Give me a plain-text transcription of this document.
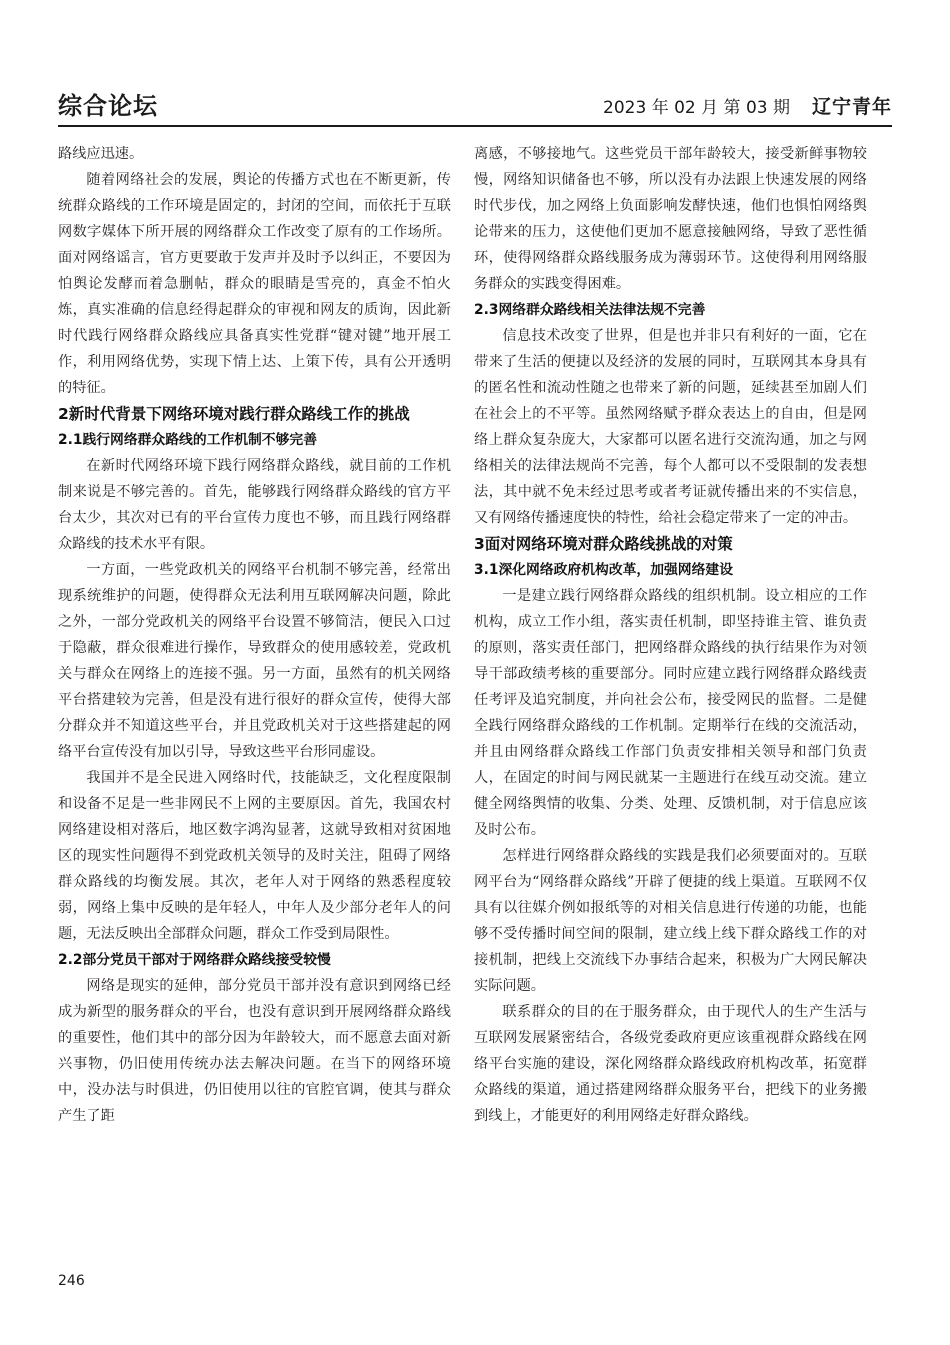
综合论坛	2023 年 02 月 第 03 期 辽宁青年

路线应迅速。

随着网络社会的发展，舆论的传播方式也在不断更新，传统群众路线的工作环境是固定的，封闭的空间，而依托于互联网数字媒体下所开展的网络群众工作改变了原有的工作场所。面对网络谣言，官方更要敢于发声并及时予以纠正，不要因为怕舆论发酵而着急删帖，群众的眼睛是雪亮的，真金不怕火炼，真实准确的信息经得起群众的审视和网友的质询，因此新时代践行网络群众路线应具备真实性党群“键对键”地开展工作，利用网络优势，实现下情上达、上策下传，具有公开透明的特征。

2新时代背景下网络环境对践行群众路线工作的挑战
2.1践行网络群众路线的工作机制不够完善

在新时代网络环境下践行网络群众路线，就目前的工作机制来说是不够完善的。首先，能够践行网络群众路线的官方平台太少，其次对已有的平台宣传力度也不够，而且践行网络群众路线的技术水平有限。

一方面，一些党政机关的网络平台机制不够完善，经常出现系统维护的问题，使得群众无法利用互联网解决问题，除此之外，一部分党政机关的网络平台设置不够简洁，便民入口过于隐蔽，群众很难进行操作，导致群众的使用感较差，党政机关与群众在网络上的连接不强。另一方面，虽然有的机关网络平台搭建较为完善，但是没有进行很好的群众宣传，使得大部分群众并不知道这些平台，并且党政机关对于这些搭建起的网络平台宣传没有加以引导，导致这些平台形同虚设。

我国并不是全民进入网络时代，技能缺乏，文化程度限制和设备不足是一些非网民不上网的主要原因。首先，我国农村网络建设相对落后，地区数字鸿沟显著，这就导致相对贫困地区的现实性问题得不到党政机关领导的及时关注，阻碍了网络群众路线的均衡发展。其次，老年人对于网络的熟悉程度较弱，网络上集中反映的是年轻人，中年人及少部分老年人的问题，无法反映出全部群众问题，群众工作受到局限性。

2.2部分党员干部对于网络群众路线接受较慢

网络是现实的延伸，部分党员干部并没有意识到网络已经成为新型的服务群众的平台，也没有意识到开展网络群众路线的重要性，他们其中的部分因为年龄较大，而不愿意去面对新兴事物，仍旧使用传统办法去解决问题。在当下的网络环境中，没办法与时俱进，仍旧使用以往的官腔官调，使其与群众产生了距

离感，不够接地气。这些党员干部年龄较大，接受新鲜事物较慢，网络知识储备也不够，所以没有办法跟上快速发展的网络时代步伐，加之网络上负面影响发酵快速，他们也惧怕网络舆论带来的压力，这使他们更加不愿意接触网络，导致了恶性循环，使得网络群众路线服务成为薄弱环节。这使得利用网络服务群众的实践变得困难。

2.3网络群众路线相关法律法规不完善

信息技术改变了世界，但是也并非只有利好的一面，它在带来了生活的便捷以及经济的发展的同时，互联网其本身具有的匿名性和流动性随之也带来了新的问题，延续甚至加剧人们在社会上的不平等。虽然网络赋予群众表达上的自由，但是网络上群众复杂庞大，大家都可以匿名进行交流沟通，加之与网络相关的法律法规尚不完善，每个人都可以不受限制的发表想法，其中就不免未经过思考或者考证就传播出来的不实信息，又有网络传播速度快的特性，给社会稳定带来了一定的冲击。

3面对网络环境对群众路线挑战的对策
3.1深化网络政府机构改革，加强网络建设

一是建立践行网络群众路线的组织机制。设立相应的工作机构，成立工作小组，落实责任机制，即坚持谁主管、谁负责的原则，落实责任部门，把网络群众路线的执行结果作为对领导干部政绩考核的重要部分。同时应建立践行网络群众路线责任考评及追究制度，并向社会公布，接受网民的监督。二是健全践行网络群众路线的工作机制。定期举行在线的交流活动，并且由网络群众路线工作部门负责安排相关领导和部门负责人，在固定的时间与网民就某一主题进行在线互动交流。建立健全网络舆情的收集、分类、处理、反馈机制，对于信息应该及时公布。

怎样进行网络群众路线的实践是我们必须要面对的。互联网平台为“网络群众路线”开辟了便捷的线上渠道。互联网不仅具有以往媒介例如报纸等的对相关信息进行传递的功能，也能够不受传播时间空间的限制，建立线上线下群众路线工作的对接机制，把线上交流线下办事结合起来，积极为广大网民解决实际问题。

联系群众的目的在于服务群众，由于现代人的生产生活与互联网发展紧密结合，各级党委政府更应该重视群众路线在网络平台实施的建设，深化网络群众路线政府机构改革，拓宽群众路线的渠道，通过搭建网络群众服务平台，把线下的业务搬到线上，才能更好的利用网络走好群众路线。

246
